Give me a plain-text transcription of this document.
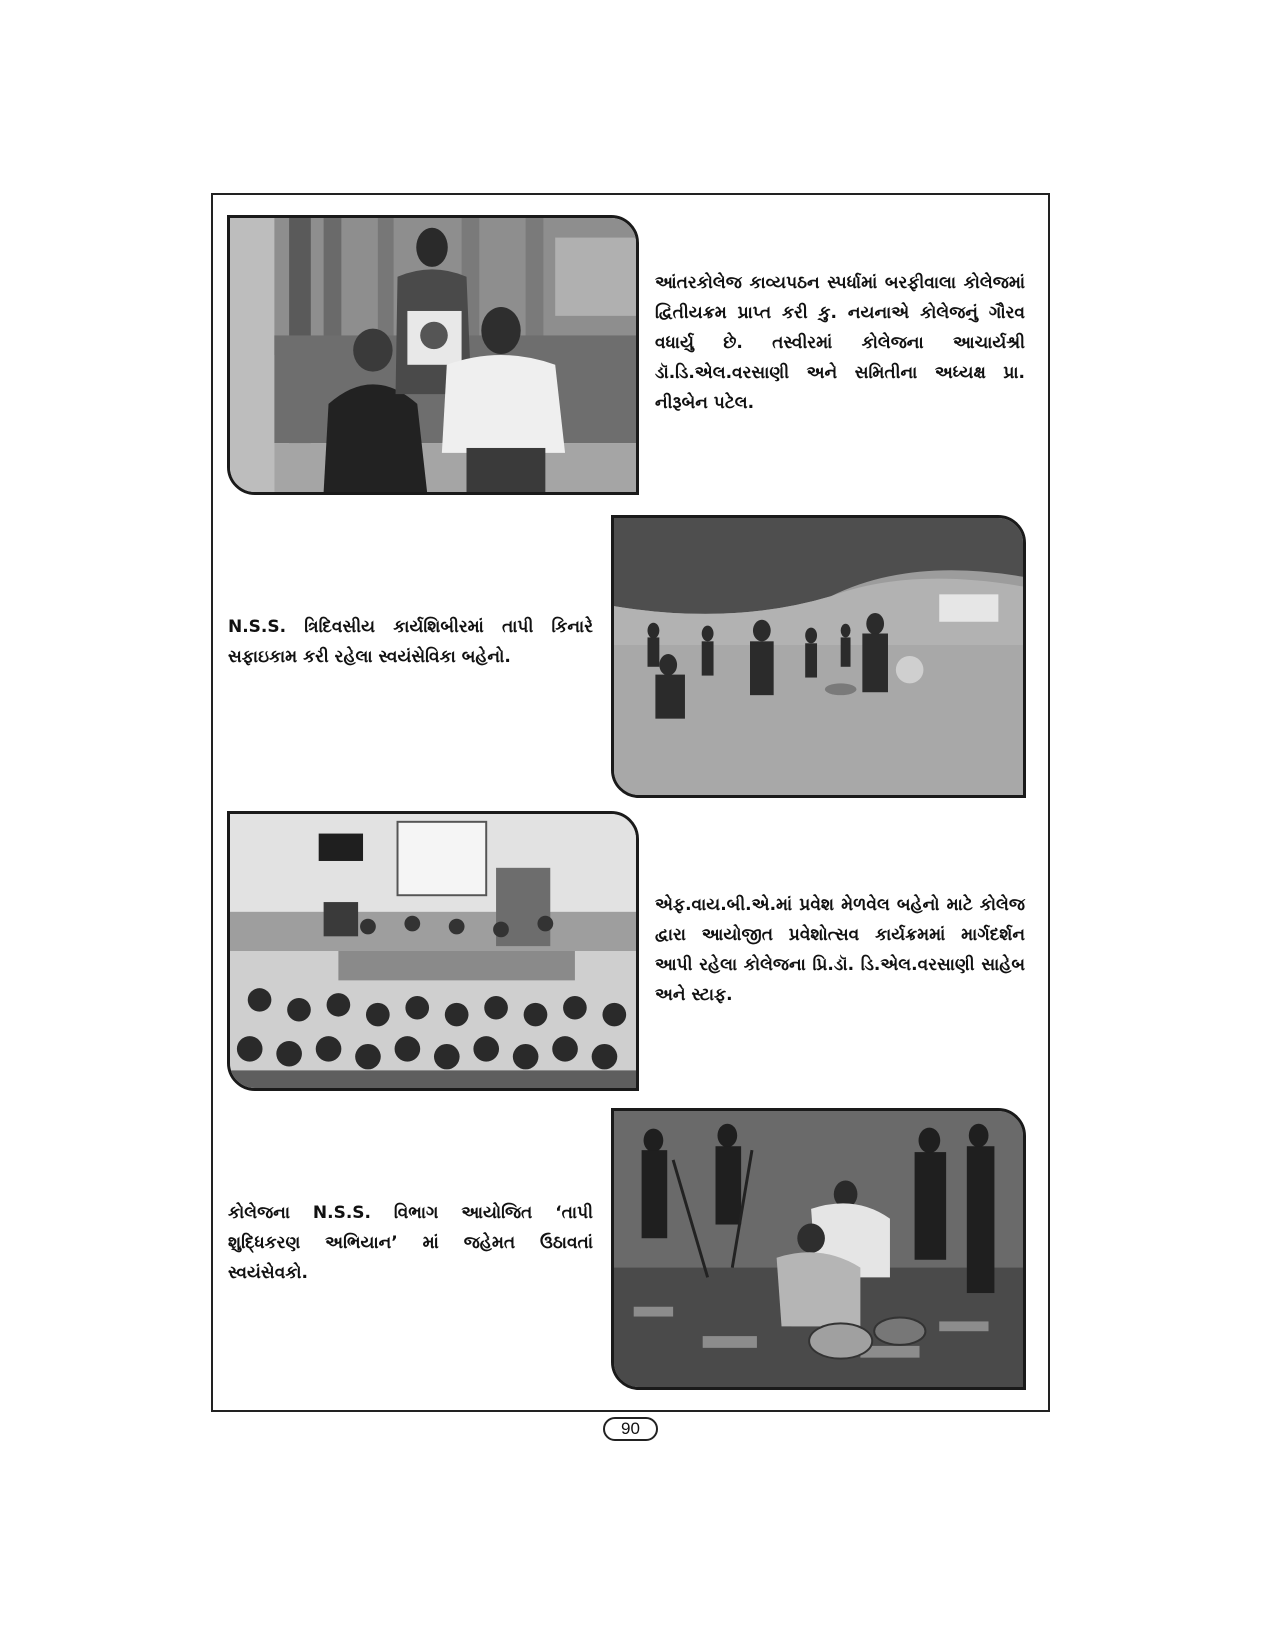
આંતરકોલેજ કાવ્યપઠન સ્પર્ધામાં બરફીવાલા કોલેજમાં દ્વિતીયક્રમ પ્રાપ્ત કરી કુ. નયનાએ કોલેજનું ગૌરવ વધાર્યુ છે. તસ્વીરમાં કોલેજના આચાર્યશ્રી ડૉ.ડિ.એલ.વરસાણી અને સમિતીના અધ્યક્ષ પ્રા. નીરૂબેન પટેલ.
N.S.S. ત્રિદિવસીય કાર્યશિબીરમાં તાપી કિનારે સફાઇકામ કરી રહેલા સ્વયંસેવિકા બહેનો.
એફ.વાય.બી.એ.માં પ્રવેશ મેળવેલ બહેનો માટે કોલેજ દ્વારા આયોજીત પ્રવેશોત્સવ કાર્યક્રમમાં માર્ગદર્શન આપી રહેલા કોલેજના પ્રિ.ડૉ. ડિ.એલ.વરસાણી સાહેબ અને સ્ટાફ.
કોલેજના N.S.S. વિભાગ આયોજિત ‘તાપી શુદ્ધિકરણ અભિયાન’ માં જહેમત ઉઠાવતાં સ્વયંસેવકો.
90
